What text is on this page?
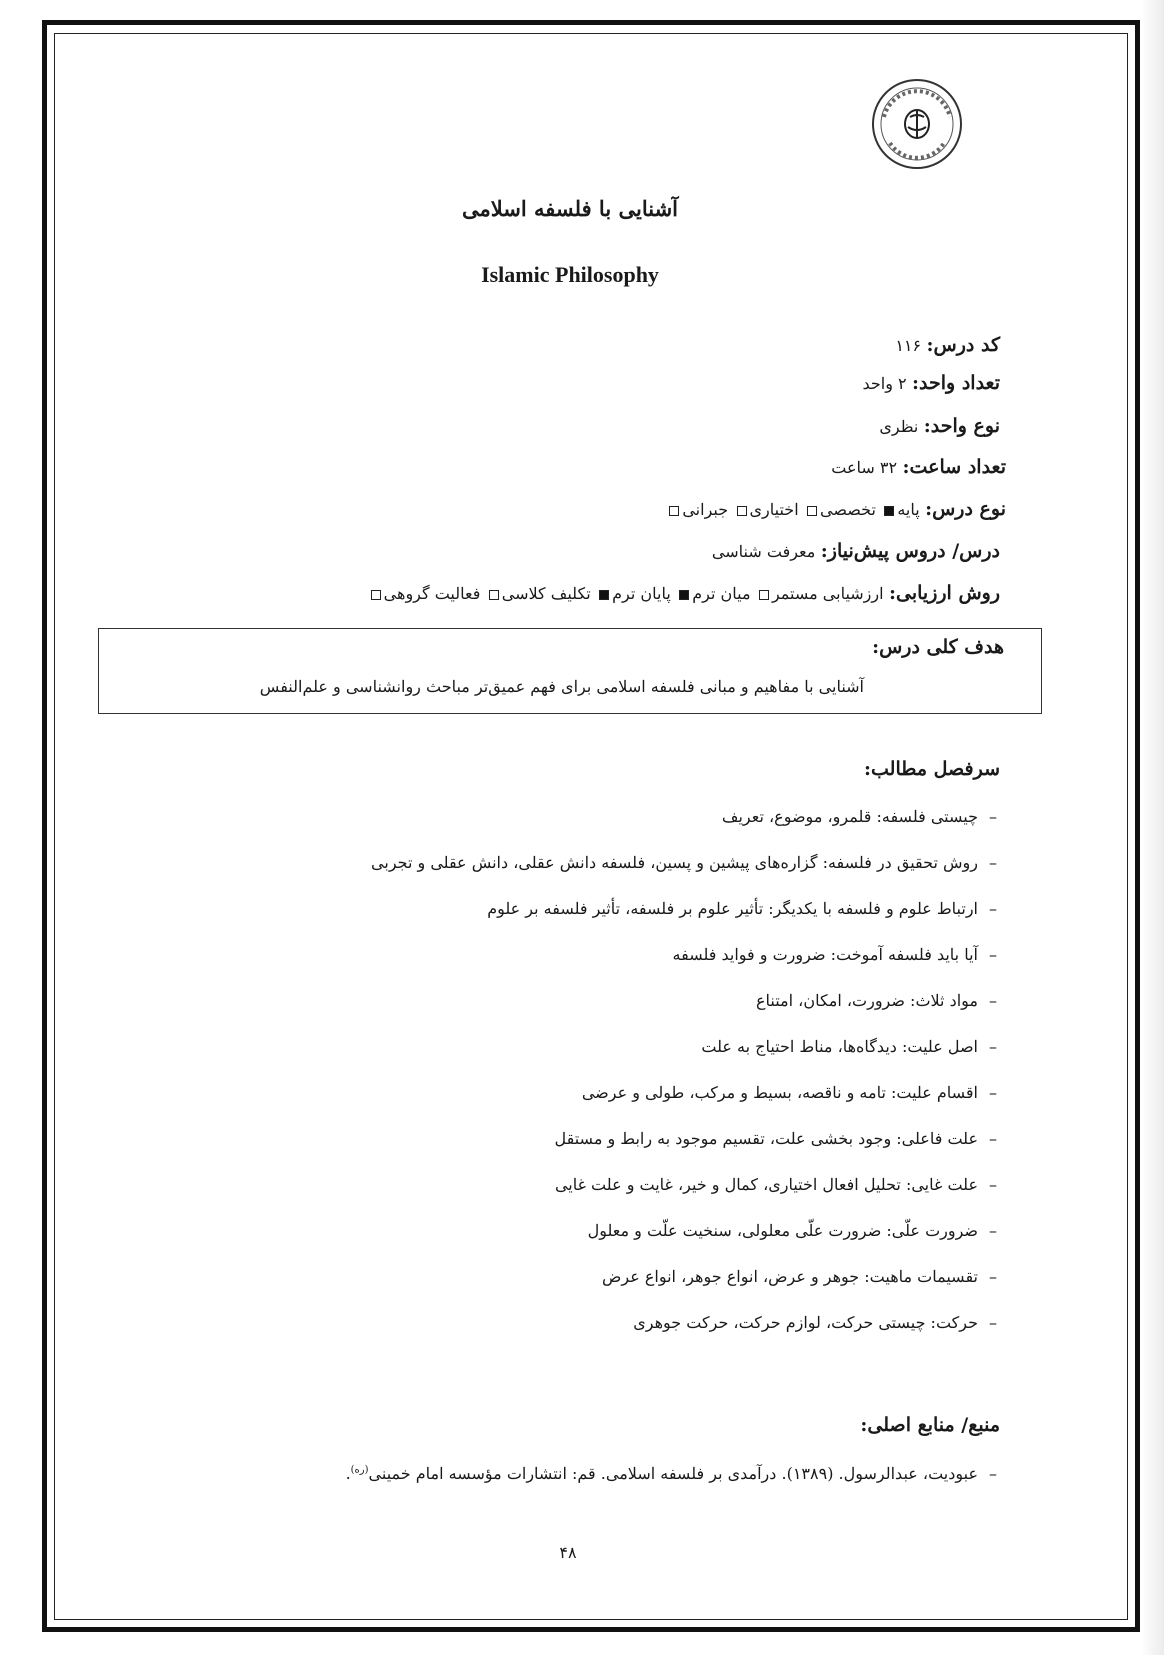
آشنایی با فلسفه اسلامی
Islamic Philosophy
کد درس: ۱۱۶
تعداد واحد: ۲ واحد
نوع واحد: نظری
تعداد ساعت: ۳۲ ساعت
نوع درس: پایه تخصصی اختیاری جبرانی
درس/ دروس پیش‌نیاز: معرفت شناسی
روش ارزیابی: ارزشیابی مستمر میان ترم پایان ترم تکلیف کلاسی فعالیت گروهی
هدف کلی درس:
آشنایی با مفاهیم و مبانی فلسفه اسلامی برای فهم عمیق‌تر مباحث روانشناسی و علم‌النفس
سرفصل مطالب:
–چیستی فلسفه: قلمرو، موضوع، تعریف
–روش تحقیق در فلسفه: گزاره‌های پیشین و پسین، فلسفه دانش عقلی، دانش عقلی و تجربی
–ارتباط علوم و فلسفه با یکدیگر: تأثیر علوم بر فلسفه، تأثیر فلسفه بر علوم
–آیا باید فلسفه آموخت: ضرورت و فواید فلسفه
–مواد ثلاث: ضرورت، امکان، امتناع
–اصل علیت: دیدگاه‌ها، مناط احتیاج به علت
–اقسام علیت: تامه و ناقصه، بسیط و مرکب، طولی و عرضی
–علت فاعلی: وجود بخشی علت، تقسیم موجود به رابط و مستقل
–علت غایی: تحلیل افعال اختیاری، کمال و خیر، غایت و علت غایی
–ضرورت علّی: ضرورت علّی معلولی، سنخیت علّت و معلول
–تقسیمات ماهیت: جوهر و عرض، انواع جوهر، انواع عرض
–حرکت: چیستی حرکت، لوازم حرکت، حرکت جوهری
منبع/ منابع اصلی:
–عبودیت، عبدالرسول. (۱۳۸۹). درآمدی بر فلسفه اسلامی. قم: انتشارات مؤسسه امام خمینی$^{(ره)}$.
۴۸
